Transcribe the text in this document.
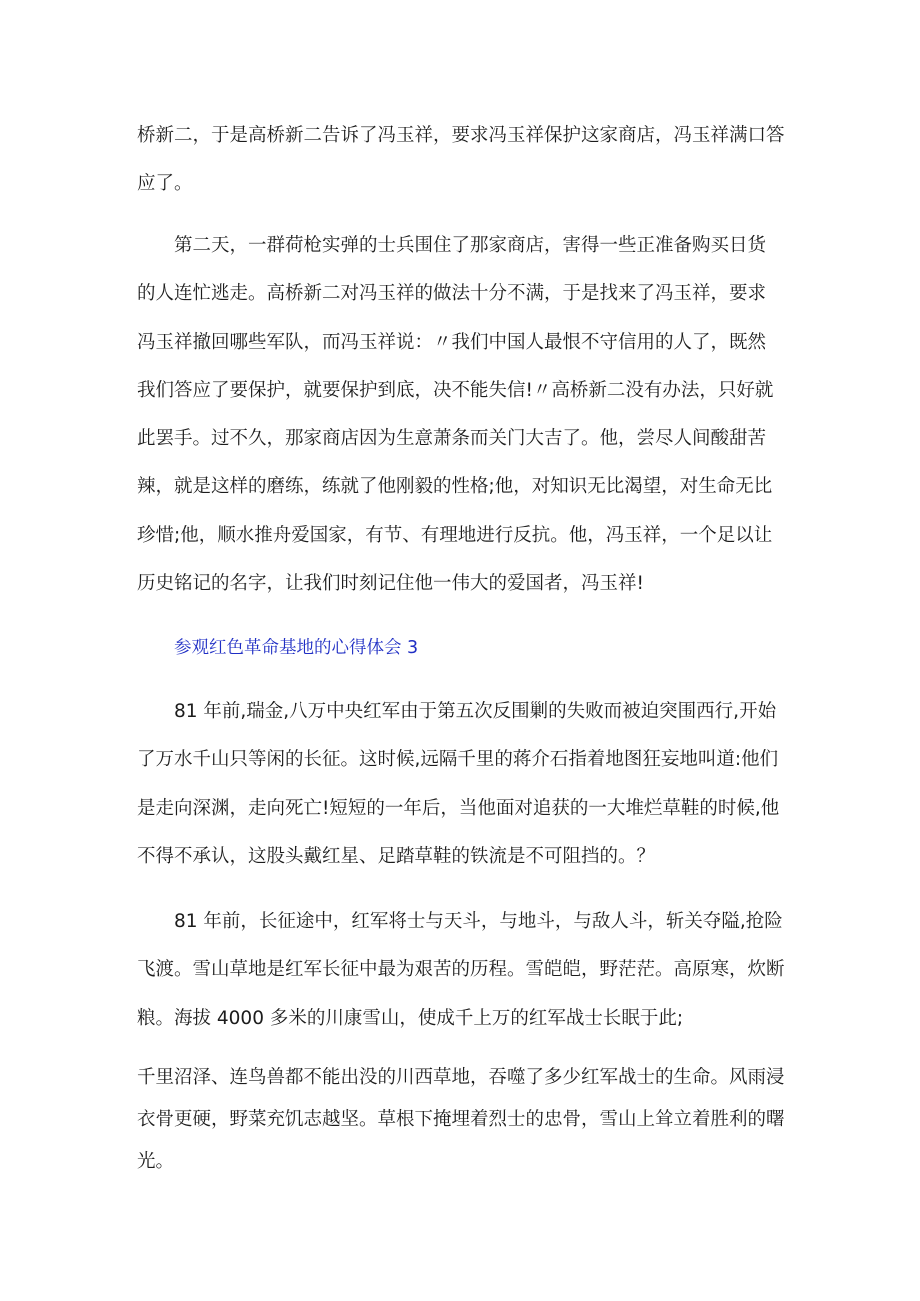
桥新二，于是高桥新二告诉了冯玉祥，要求冯玉祥保护这家商店，冯玉祥满口答
应了。
第二天，一群荷枪实弹的士兵围住了那家商店，害得一些正准备购买日货
的人连忙逃走。高桥新二对冯玉祥的做法十分不满，于是找来了冯玉祥，要求
冯玉祥撤回哪些军队，而冯玉祥说：〃我们中国人最恨不守信用的人了，既然
我们答应了要保护，就要保护到底，决不能失信!〃高桥新二没有办法，只好就
此罢手。过不久，那家商店因为生意萧条而关门大吉了。他，尝尽人间酸甜苦
辣，就是这样的磨练，练就了他刚毅的性格;他，对知识无比渴望，对生命无比
珍惜;他，顺水推舟爱国家，有节、有理地进行反抗。他，冯玉祥，一个足以让
历史铭记的名字，让我们时刻记住他一伟大的爱国者，冯玉祥!
参观红色革命基地的心得体会 3
81 年前,瑞金,八万中央红军由于第五次反围剿的失败而被迫突围西行,开始
了万水千山只等闲的长征。这时候,远隔千里的蒋介石指着地图狂妄地叫道:他们
是走向深渊，走向死亡!短短的一年后，当他面对追获的一大堆烂草鞋的时候,他
不得不承认，这股头戴红星、足踏草鞋的铁流是不可阻挡的。？
81 年前，长征途中，红军将士与天斗，与地斗，与敌人斗，斩关夺隘,抢险
飞渡。雪山草地是红军长征中最为艰苦的历程。雪皑皑，野茫茫。高原寒，炊断
粮。海拔 4000 多米的川康雪山，使成千上万的红军战士长眠于此;
千里沼泽、连鸟兽都不能出没的川西草地，吞噬了多少红军战士的生命。风雨浸
衣骨更硬，野菜充饥志越坚。草根下掩埋着烈士的忠骨，雪山上耸立着胜利的曙
光。
